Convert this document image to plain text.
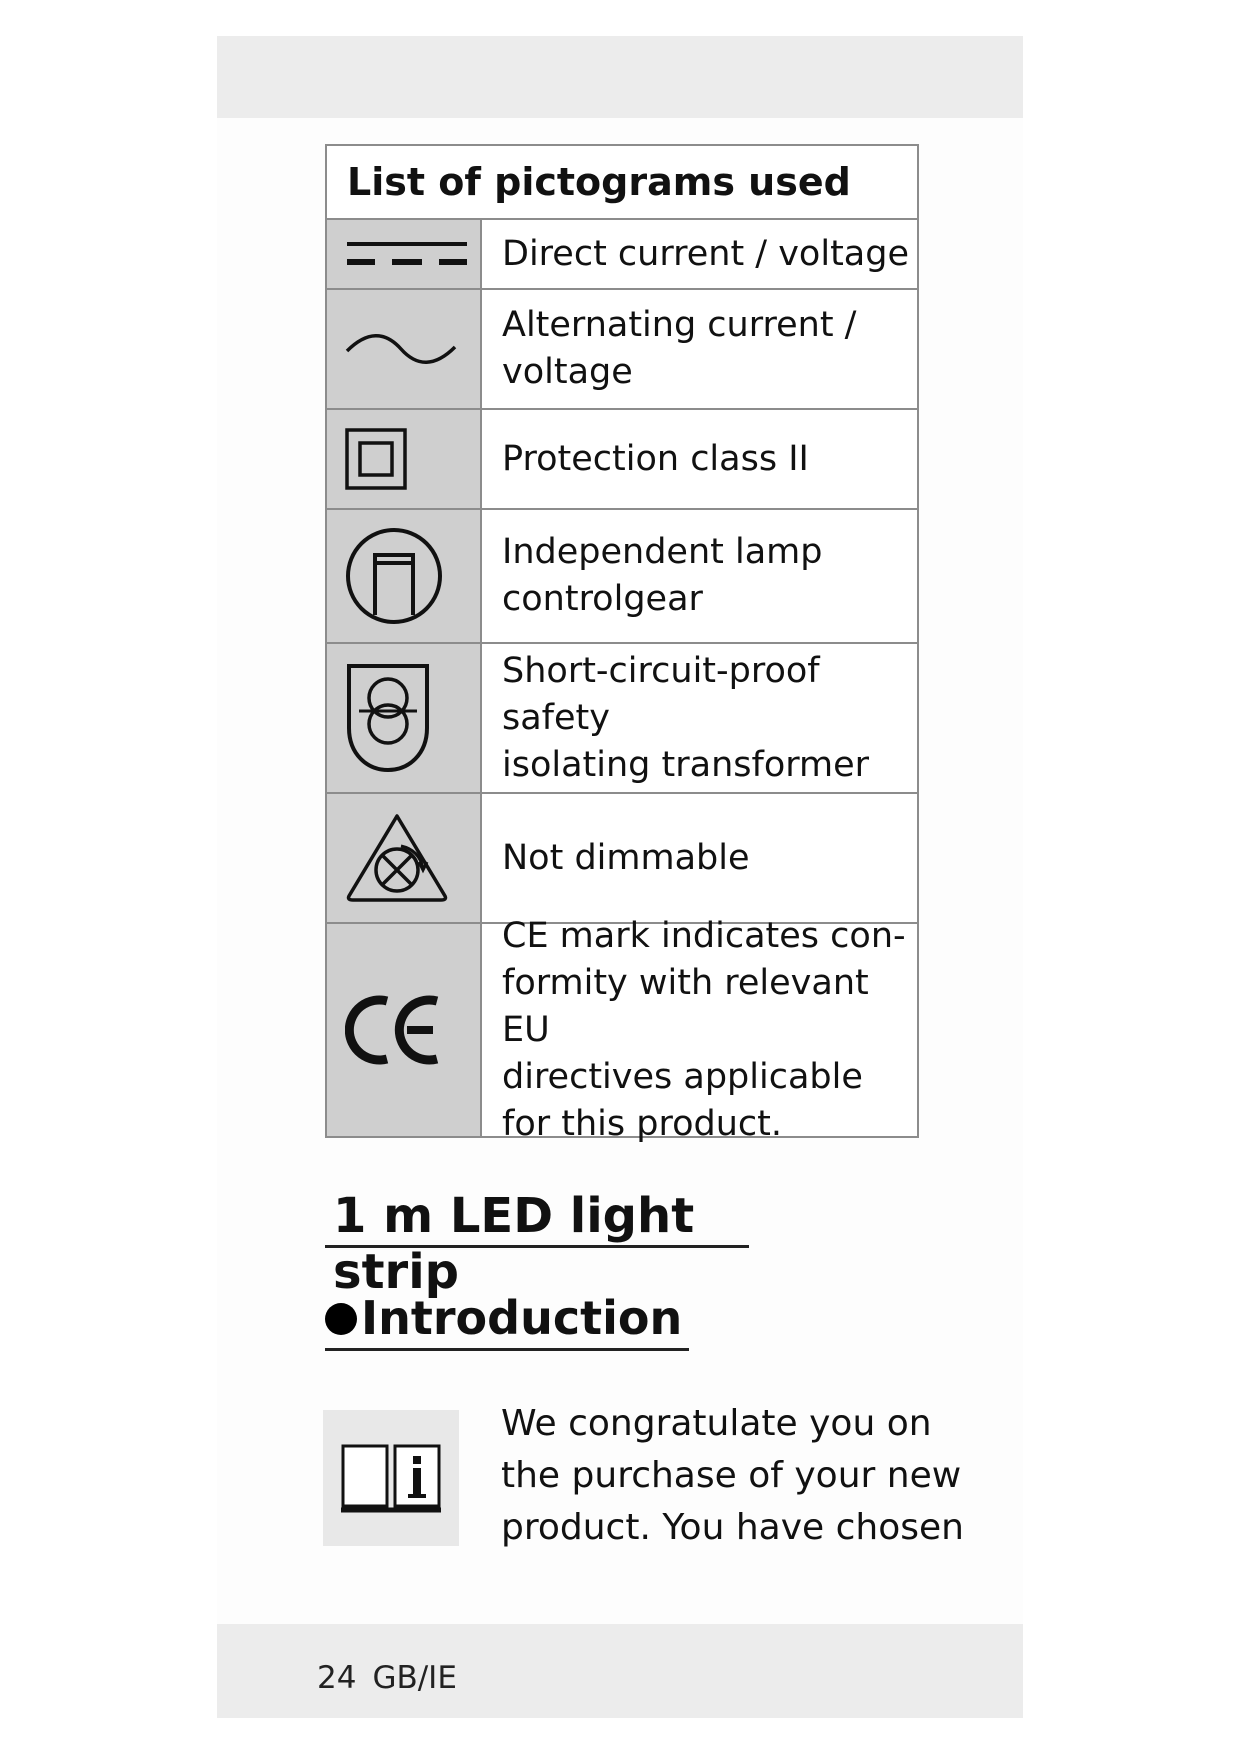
List of pictograms used
Direct current / voltage
Alternating current /
voltage
Protection class II
Independent lamp
controlgear
Short-circuit-proof safety
isolating transformer
Not dimmable
CE mark indicates con-
formity with relevant EU
directives applicable
for this product.
1 m LED light strip
Introduction
We congratulate you on
the purchase of your new
product. You have chosen
24 GB/IE
